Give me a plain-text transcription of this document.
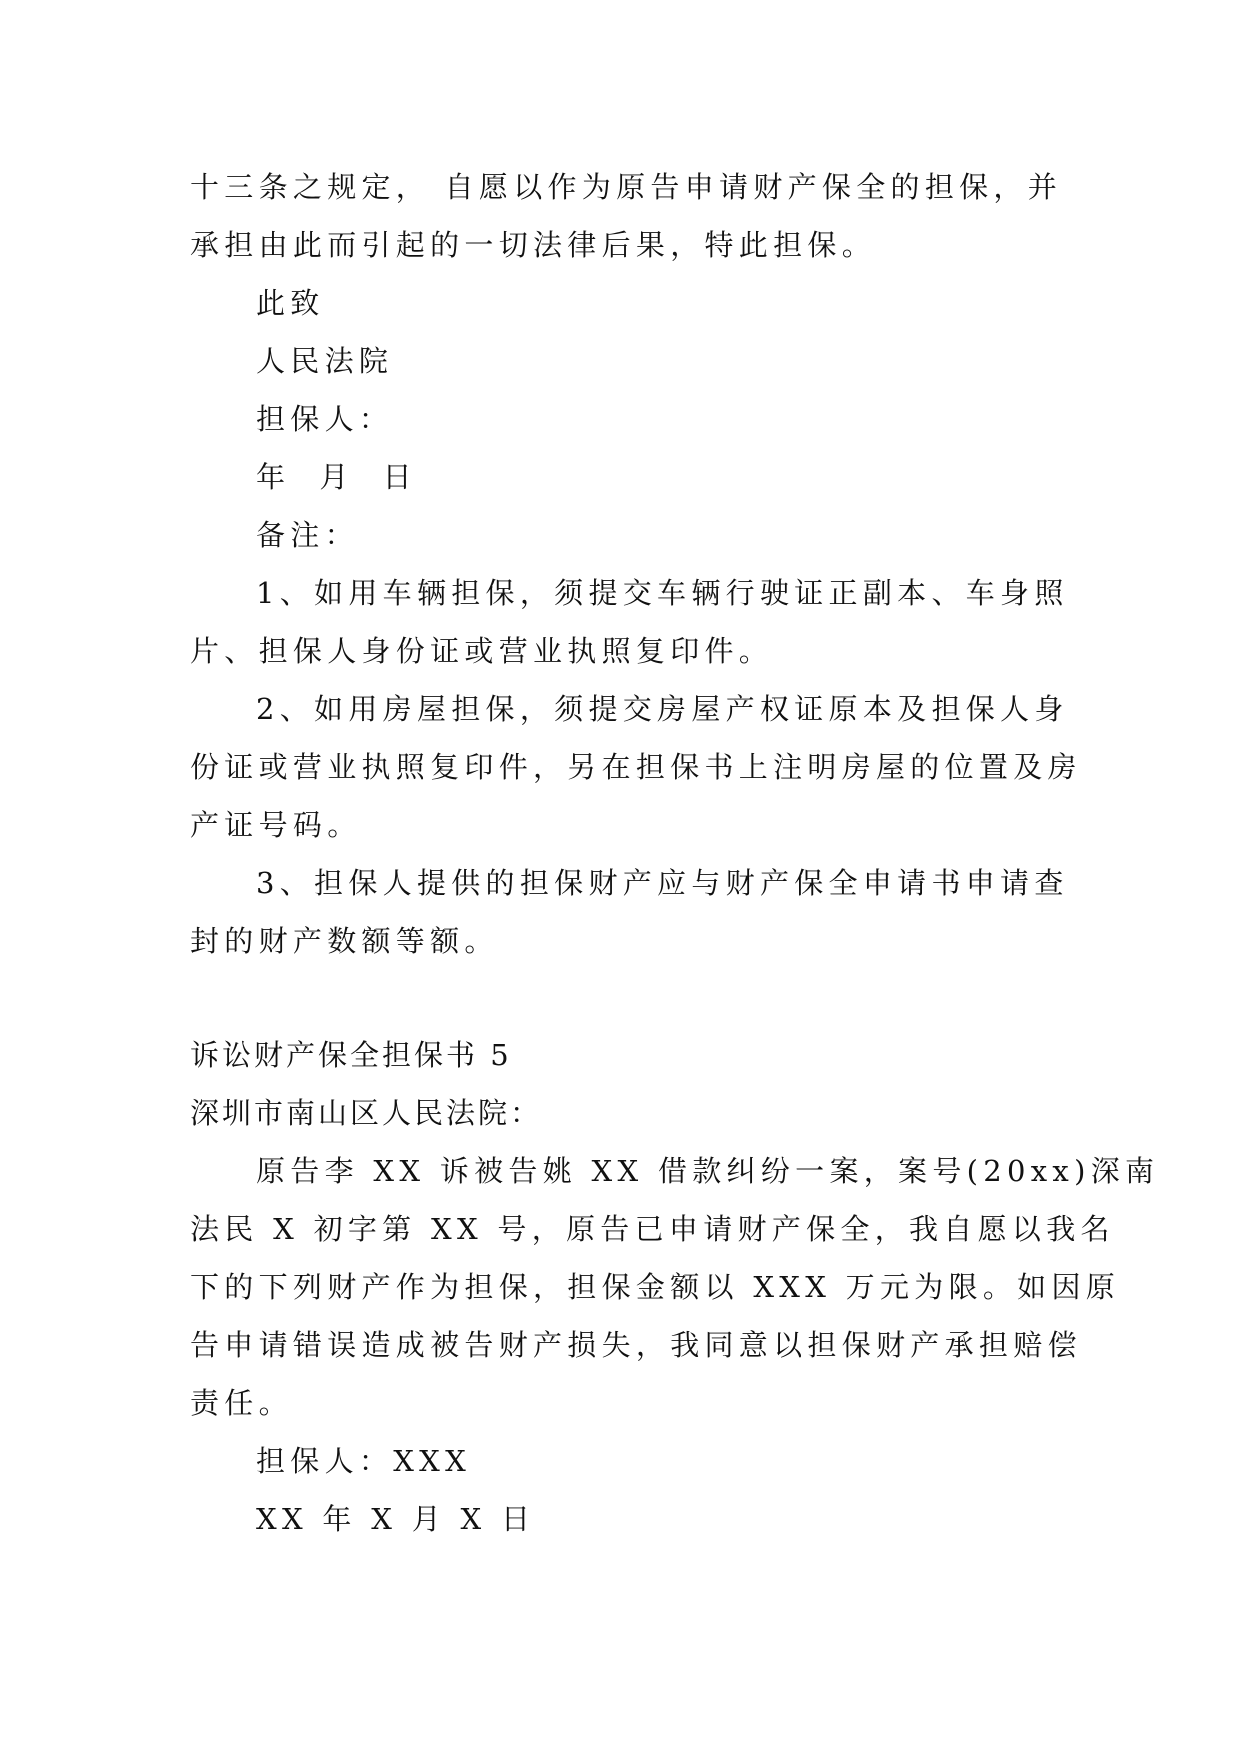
十三条之规定， 自愿以作为原告申请财产保全的担保，并

承担由此而引起的一切法律后果，特此担保。

此致

人民法院

担保人：

年  月  日

备注：

1、如用车辆担保，须提交车辆行驶证正副本、车身照

片、担保人身份证或营业执照复印件。

2、如用房屋担保，须提交房屋产权证原本及担保人身

份证或营业执照复印件，另在担保书上注明房屋的位置及房

产证号码。

3、担保人提供的担保财产应与财产保全申请书申请查

封的财产数额等额。

诉讼财产保全担保书 5

深圳市南山区人民法院：

原告李 XX 诉被告姚 XX 借款纠纷一案，案号(20xx)深南

法民 X 初字第 XX 号，原告已申请财产保全，我自愿以我名

下的下列财产作为担保，担保金额以 XXX 万元为限。如因原

告申请错误造成被告财产损失，我同意以担保财产承担赔偿

责任。

担保人：XXX

XX 年 X 月 X 日
